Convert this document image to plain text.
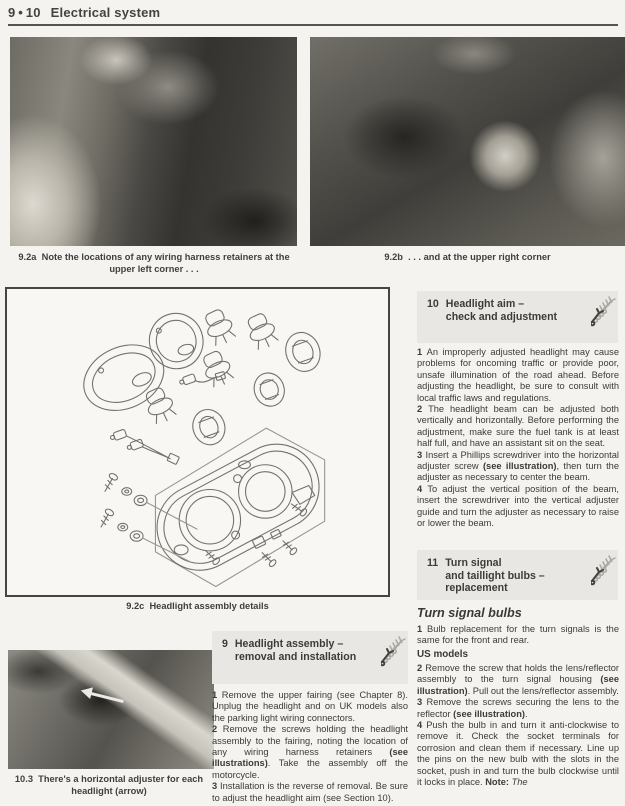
9 • 10 Electrical system
9.2a  Note the locations of any wiring harness retainers at the upper left corner . . .
9.2b  . . . and at the upper right corner
9.2c  Headlight assembly details
10.3  There's a horizontal adjuster for each headlight (arrow)
10 Headlight aim –
check and adjustment

1 An improperly adjusted headlight may cause problems for oncoming traffic or provide poor, unsafe illumination of the road ahead. Before adjusting the headlight, be sure to consult with local traffic laws and regulations.

2 The headlight beam can be adjusted both vertically and horizontally. Before performing the adjustment, make sure the fuel tank is at least half full, and have an assistant sit on the seat.

3 Insert a Phillips screwdriver into the horizontal adjuster screw (see illustration), then turn the adjuster as necessary to center the beam.

4 To adjust the vertical position of the beam, insert the screwdriver into the vertical adjuster guide and turn the adjuster as necessary to raise or lower the beam.

11 Turn signal
and taillight bulbs –
replacement
Turn signal bulbs

1 Bulb replacement for the turn signals is the same for the front and rear.

US models

2 Remove the screw that holds the lens/reflector assembly to the turn signal housing (see illustration). Pull out the lens/reflector assembly.

3 Remove the screws securing the lens to the reflector (see illustration).

4 Push the bulb in and turn it anti-clockwise to remove it. Check the socket terminals for corrosion and clean them if necessary. Line up the pins on the new bulb with the slots in the socket, push in and turn the bulb clockwise until it locks in place. Note: The

9 Headlight assembly –
removal and installation

1 Remove the upper fairing (see Chapter 8). Unplug the headlight and on UK models also the parking light wiring connectors.

2 Remove the screws holding the headlight assembly to the fairing, noting the location of any wiring harness retainers (see illustrations). Take the assembly off the motorcycle.

3 Installation is the reverse of removal. Be sure to adjust the headlight aim (see Section 10).
